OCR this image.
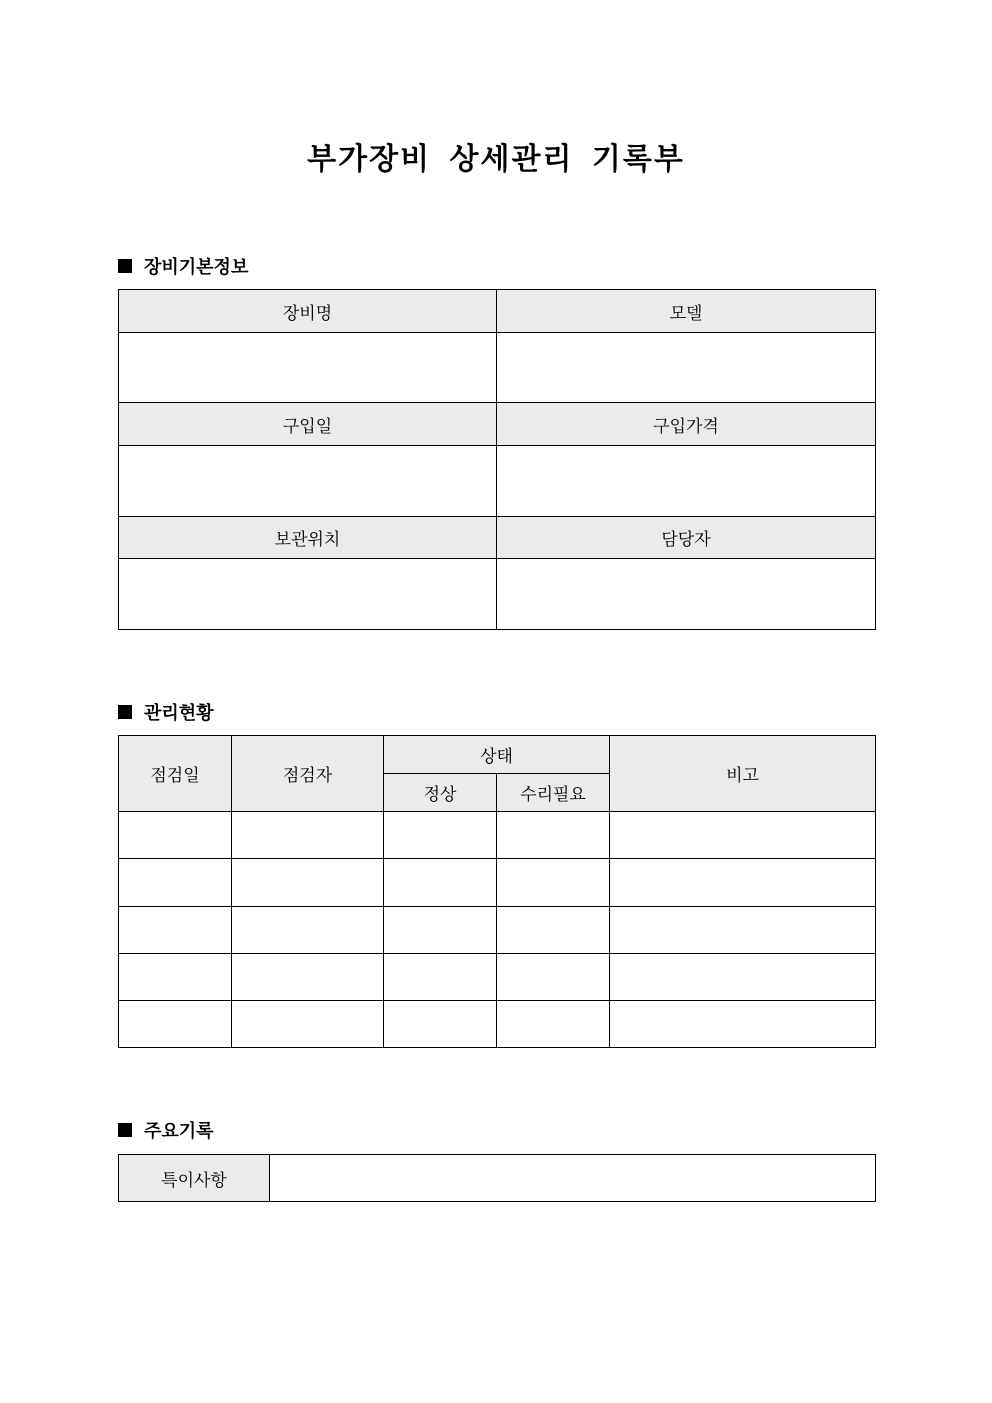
부가장비 상세관리 기록부
장비기본정보
장비명	모델

구입일	구입가격

보관위치	담당자

관리현황
점검일	점검자	상태		비고
		정상	수리필요	

주요기록
특이사항	
